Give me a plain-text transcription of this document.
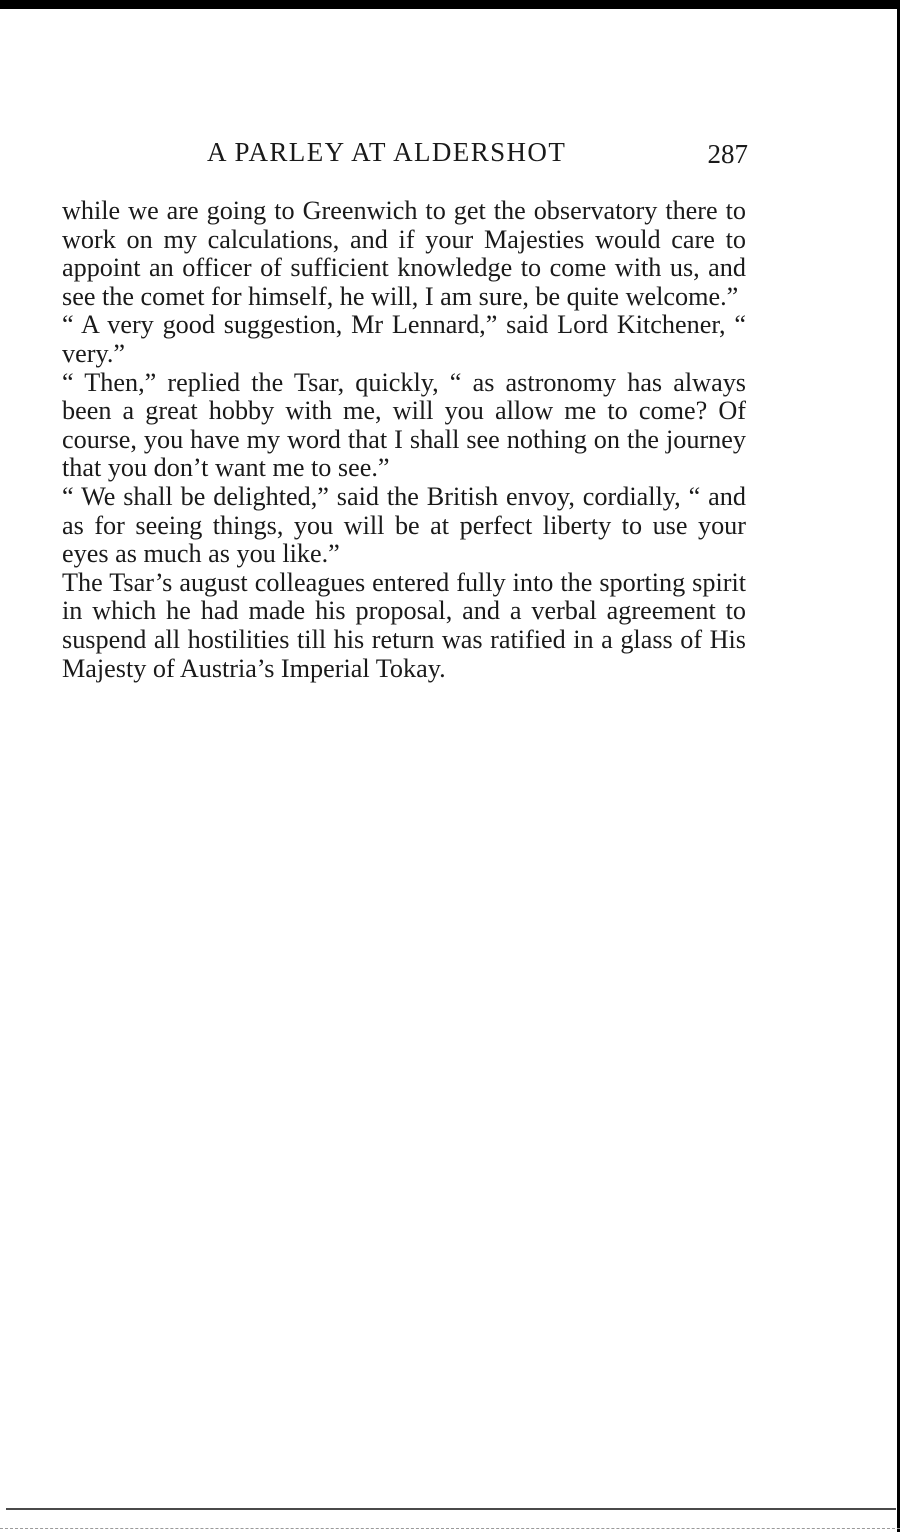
A PARLEY AT ALDERSHOT	287

while we are going to Greenwich to get the observatory there to work on my calculations, and if your Majesties would care to appoint an officer of sufficient knowledge to come with us, and see the comet for himself, he will, I am sure, be quite welcome.”

“ A very good suggestion, Mr Lennard,” said Lord Kitchener, “ very.”

“ Then,” replied the Tsar, quickly, “ as astronomy has always been a great hobby with me, will you allow me to come? Of course, you have my word that I shall see nothing on the journey that you don’t want me to see.”

“ We shall be delighted,” said the British envoy, cordially, “ and as for seeing things, you will be at perfect liberty to use your eyes as much as you like.”

The Tsar’s august colleagues entered fully into the sporting spirit in which he had made his proposal, and a verbal agreement to suspend all hostilities till his return was ratified in a glass of His Majesty of Austria’s Imperial Tokay.
